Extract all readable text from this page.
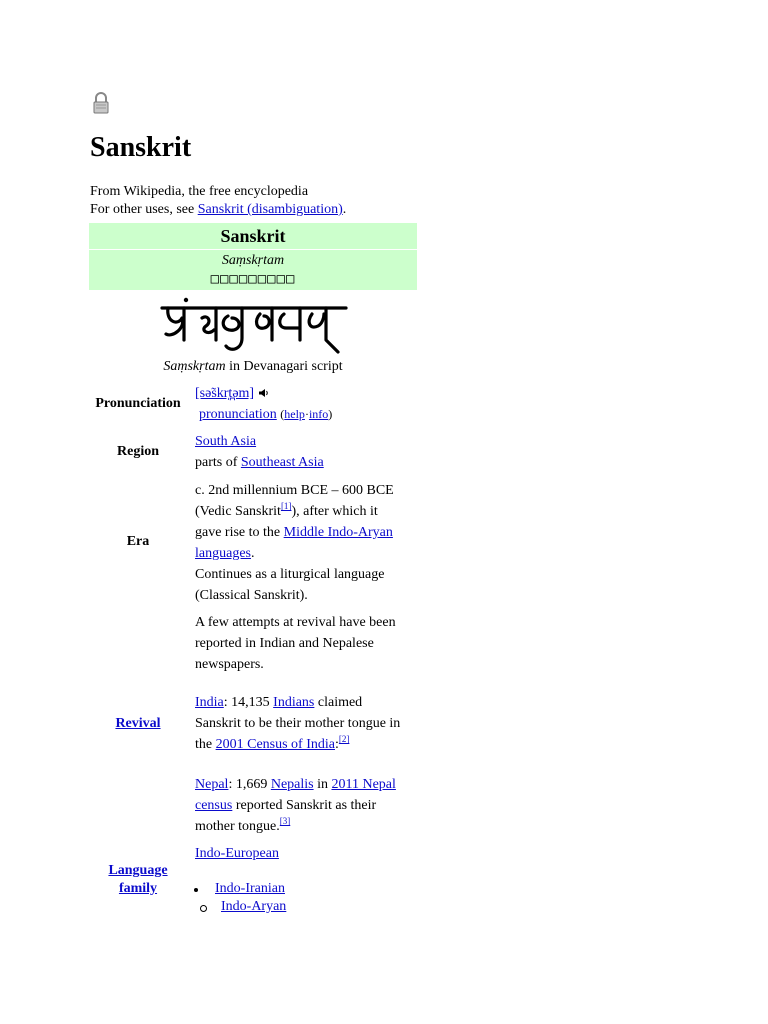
Sanskrit
From Wikipedia, the free encyclopedia
For other uses, see Sanskrit (disambiguation).
Sanskrit
Saṃskṛtam
□□□□□□□□□
Saṃskṛtam in Devanagari script
Pronunciation
[sə̃skr̩t̪əm]
pronunciation (help·info)
Region
South Asia
parts of Southeast Asia
Era
c. 2nd millennium BCE – 600 BCE
(Vedic Sanskrit[1]), after which it
gave rise to the Middle Indo-Aryan
languages.
Continues as a liturgical language
(Classical Sanskrit).
Revival
A few attempts at revival have been
reported in Indian and Nepalese
newspapers.
India: 14,135 Indians claimed
Sanskrit to be their mother tongue in
the 2001 Census of India:[2]
Nepal: 1,669 Nepalis in 2011 Nepal
census reported Sanskrit as their
mother tongue.[3]
Language
family
Indo-European
Indo-Iranian
Indo-Aryan
